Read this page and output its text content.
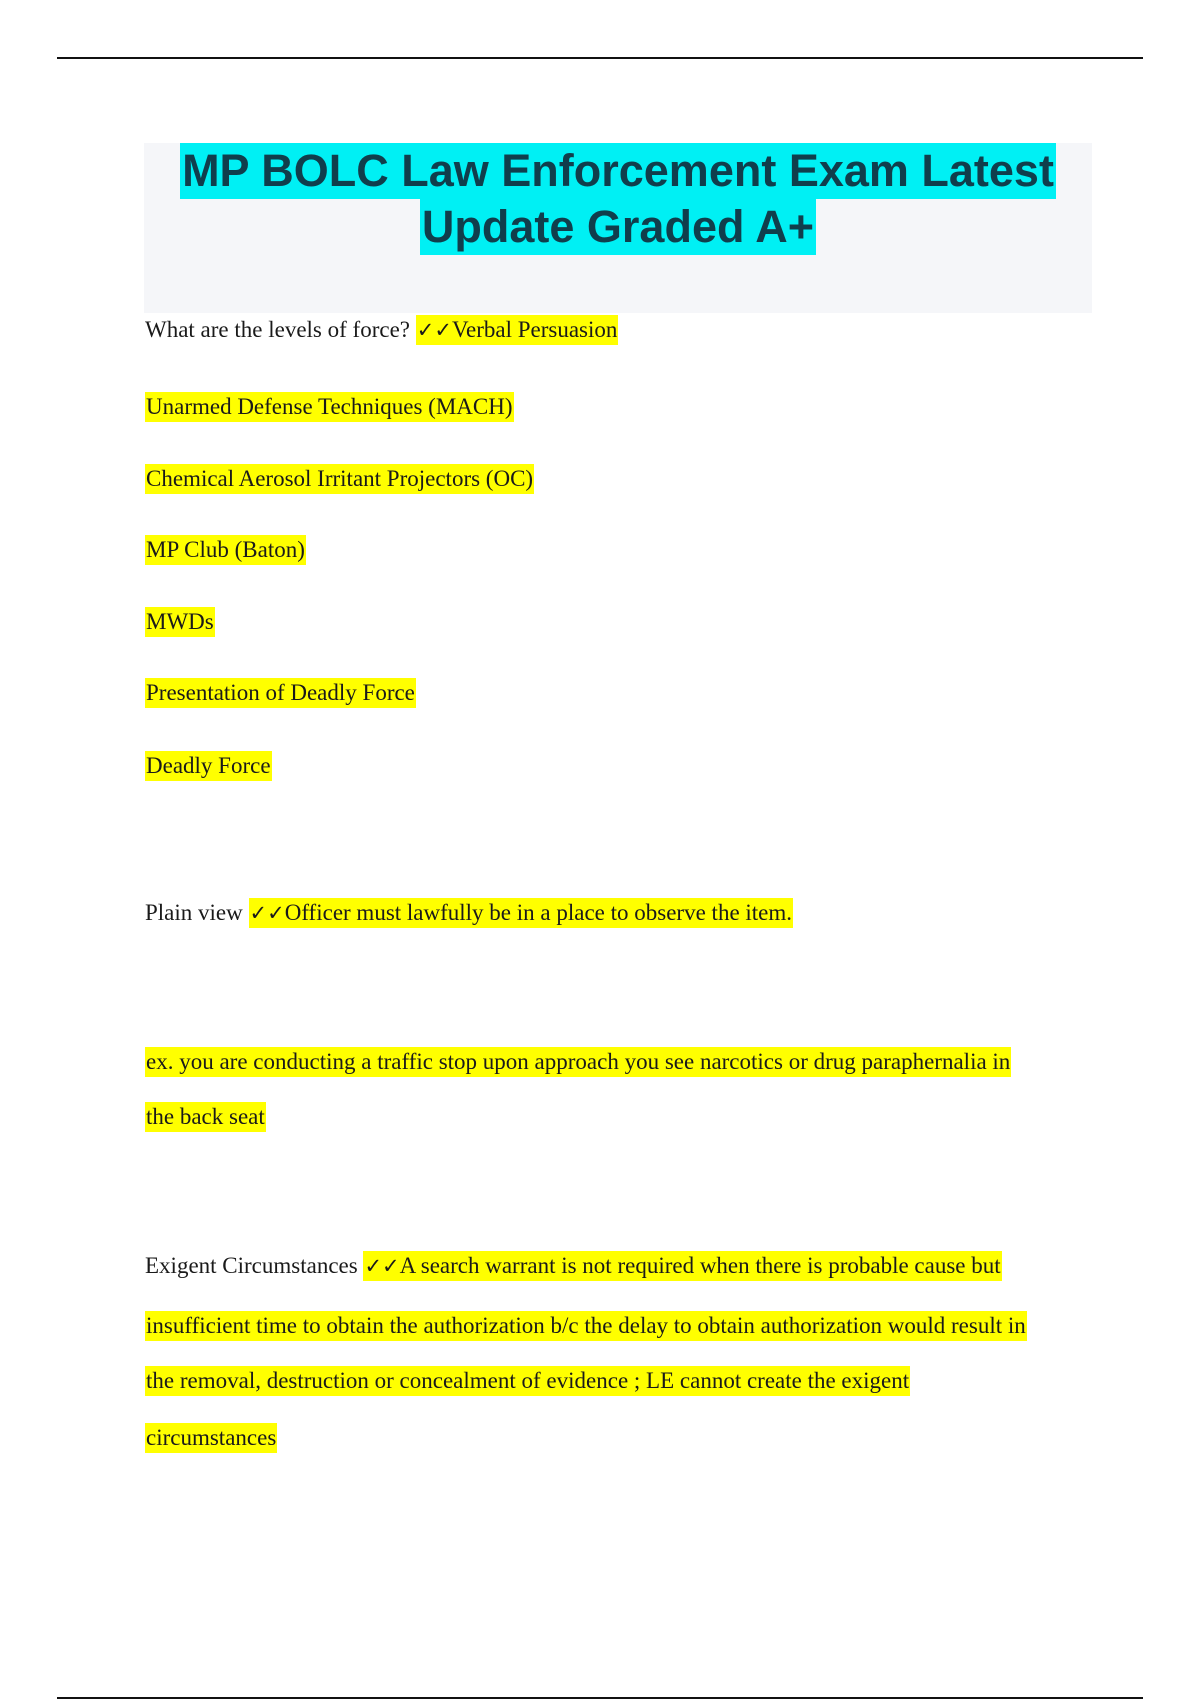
MP BOLC Law Enforcement Exam Latest
Update Graded A+
What are the levels of force? ✓✓Verbal Persuasion
Unarmed Defense Techniques (MACH)
Chemical Aerosol Irritant Projectors (OC)
MP Club (Baton)
MWDs
Presentation of Deadly Force
Deadly Force
Plain view ✓✓Officer must lawfully be in a place to observe the item.
ex. you are conducting a traffic stop upon approach you see narcotics or drug paraphernalia in
the back seat
Exigent Circumstances ✓✓A search warrant is not required when there is probable cause but
insufficient time to obtain the authorization b/c the delay to obtain authorization would result in
the removal, destruction or concealment of evidence ; LE cannot create the exigent
circumstances
